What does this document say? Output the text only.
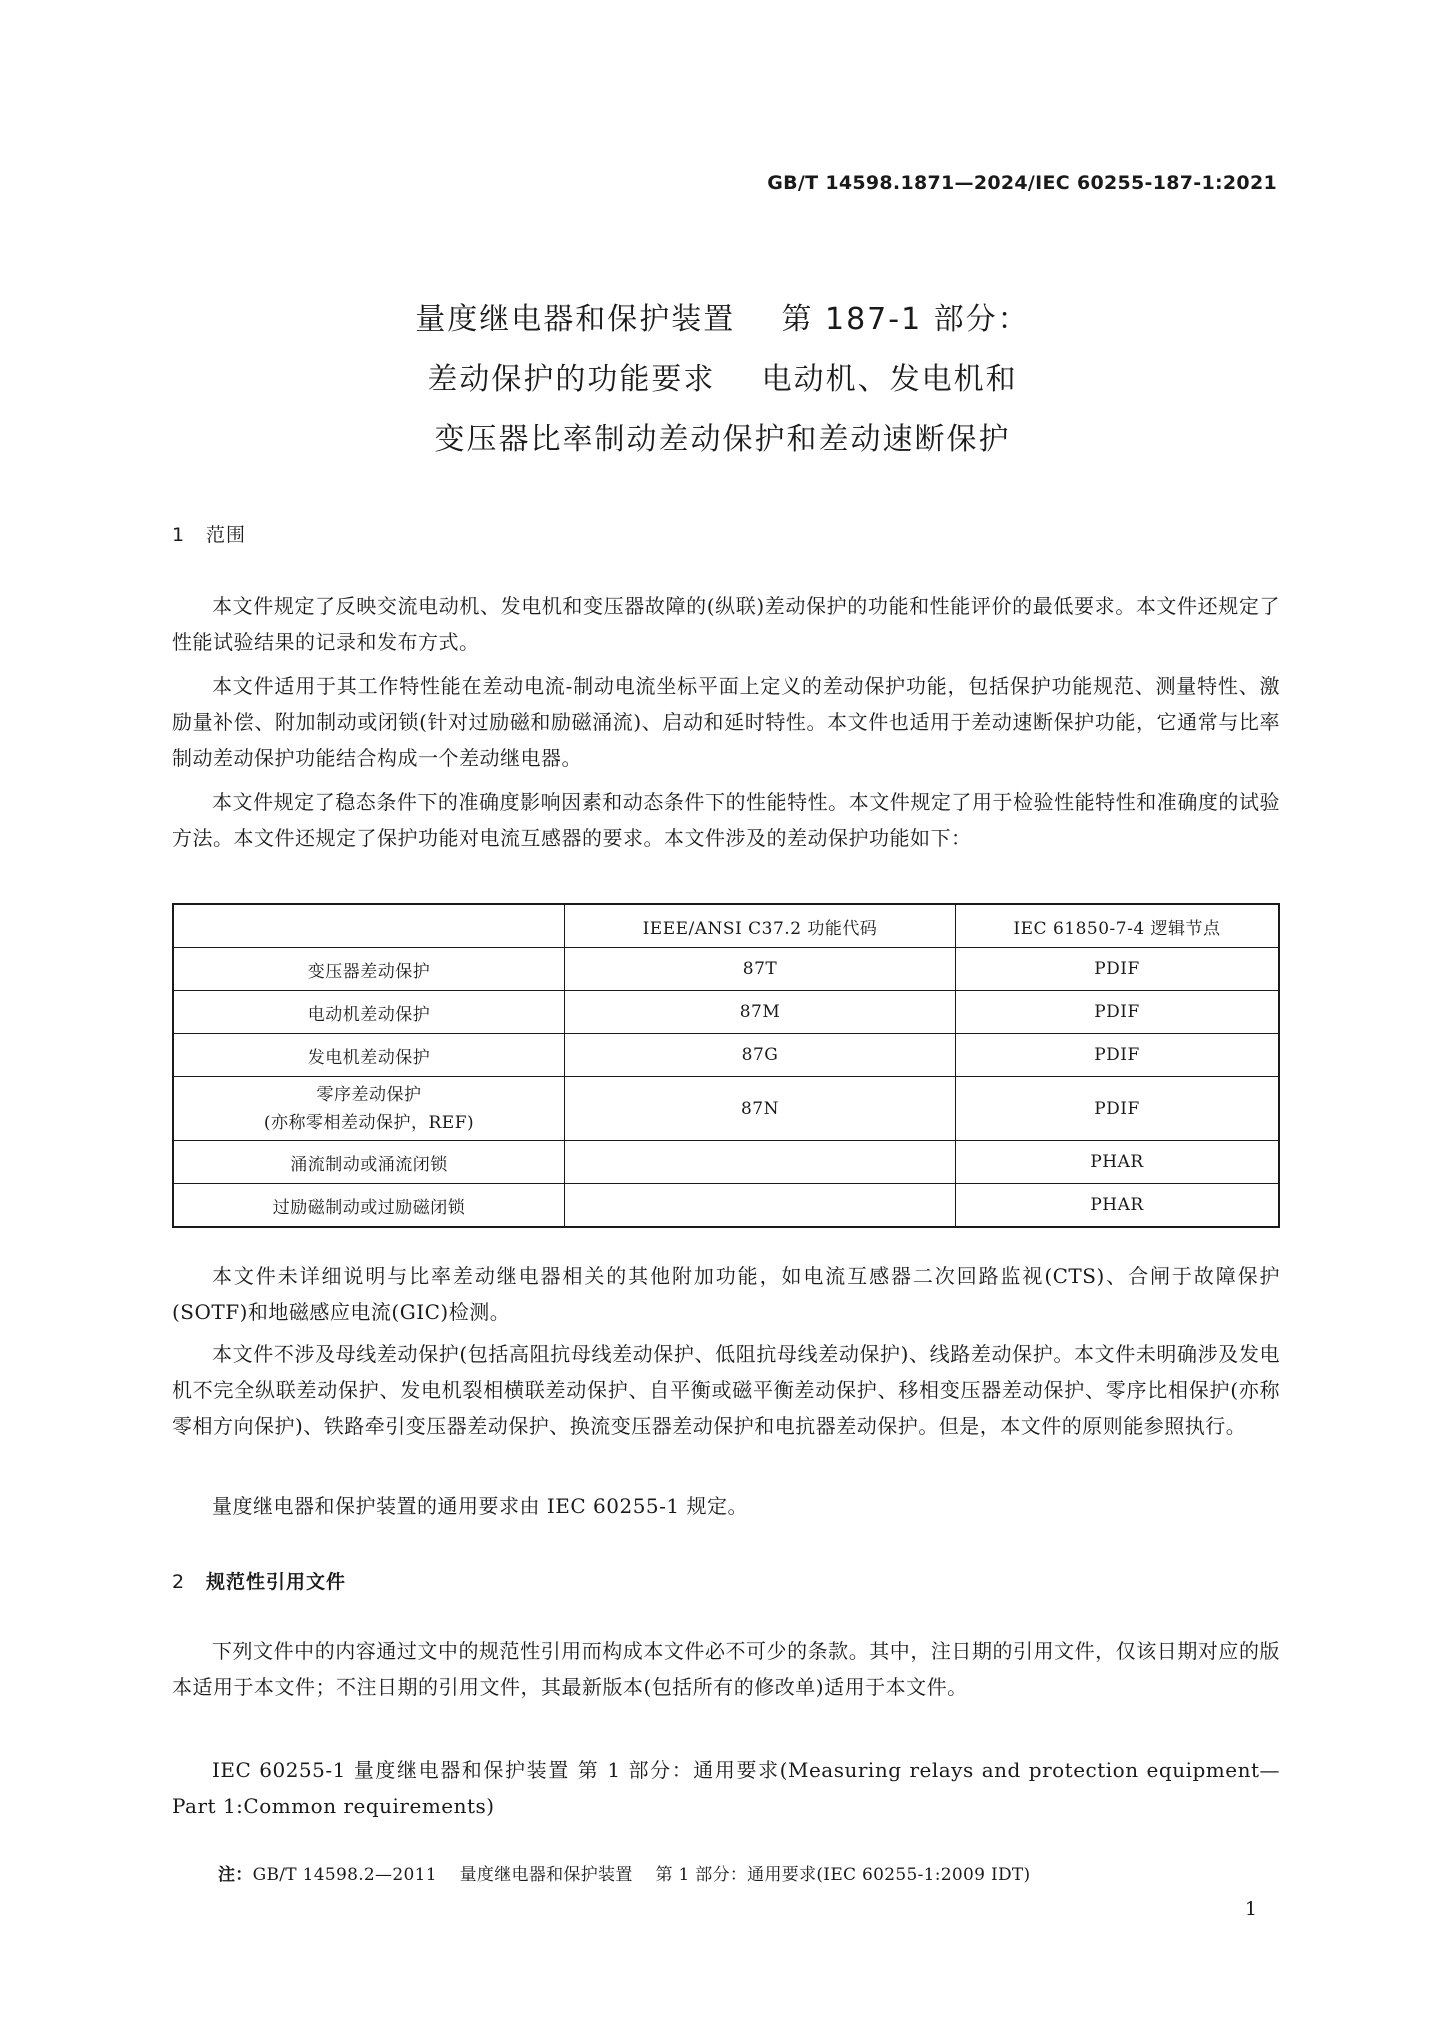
GB/T 14598.1871—2024/IEC 60255-187-1:2021
量度继电器和保护装置    第 187-1 部分：
差动保护的功能要求    电动机、发电机和
变压器比率制动差动保护和差动速断保护
1 范围

本文件规定了反映交流电动机、发电机和变压器故障的(纵联)差动保护的功能和性能评价的最低要求。本文件还规定了性能试验结果的记录和发布方式。

本文件适用于其工作特性能在差动电流-制动电流坐标平面上定义的差动保护功能，包括保护功能规范、测量特性、激励量补偿、附加制动或闭锁(针对过励磁和励磁涌流)、启动和延时特性。本文件也适用于差动速断保护功能，它通常与比率制动差动保护功能结合构成一个差动继电器。

本文件规定了稳态条件下的准确度影响因素和动态条件下的性能特性。本文件规定了用于检验性能特性和准确度的试验方法。本文件还规定了保护功能对电流互感器的要求。本文件涉及的差动保护功能如下：

	IEEE/ANSI C37.2 功能代码	IEC 61850-7-4 逻辑节点
变压器差动保护	87T	PDIF
电动机差动保护	87M	PDIF
发电机差动保护	87G	PDIF

零序差动保护
(亦称零相差动保护，REF)	87N	PDIF
涌流制动或涌流闭锁		PHAR
过励磁制动或过励磁闭锁		PHAR

本文件未详细说明与比率差动继电器相关的其他附加功能，如电流互感器二次回路监视(CTS)、合闸于故障保护(SOTF)和地磁感应电流(GIC)检测。

本文件不涉及母线差动保护(包括高阻抗母线差动保护、低阻抗母线差动保护)、线路差动保护。本文件未明确涉及发电机不完全纵联差动保护、发电机裂相横联差动保护、自平衡或磁平衡差动保护、移相变压器差动保护、零序比相保护(亦称零相方向保护)、铁路牵引变压器差动保护、换流变压器差动保护和电抗器差动保护。但是，本文件的原则能参照执行。

量度继电器和保护装置的通用要求由 IEC 60255-1 规定。

2 规范性引用文件

下列文件中的内容通过文中的规范性引用而构成本文件必不可少的条款。其中，注日期的引用文件，仅该日期对应的版本适用于本文件；不注日期的引用文件，其最新版本(包括所有的修改单)适用于本文件。

IEC 60255-1 量度继电器和保护装置 第 1 部分：通用要求(Measuring relays and protection equipment—Part 1:Common requirements)

注：GB/T 14598.2—2011    量度继电器和保护装置    第 1 部分：通用要求(IEC 60255-1:2009 IDT)
1
